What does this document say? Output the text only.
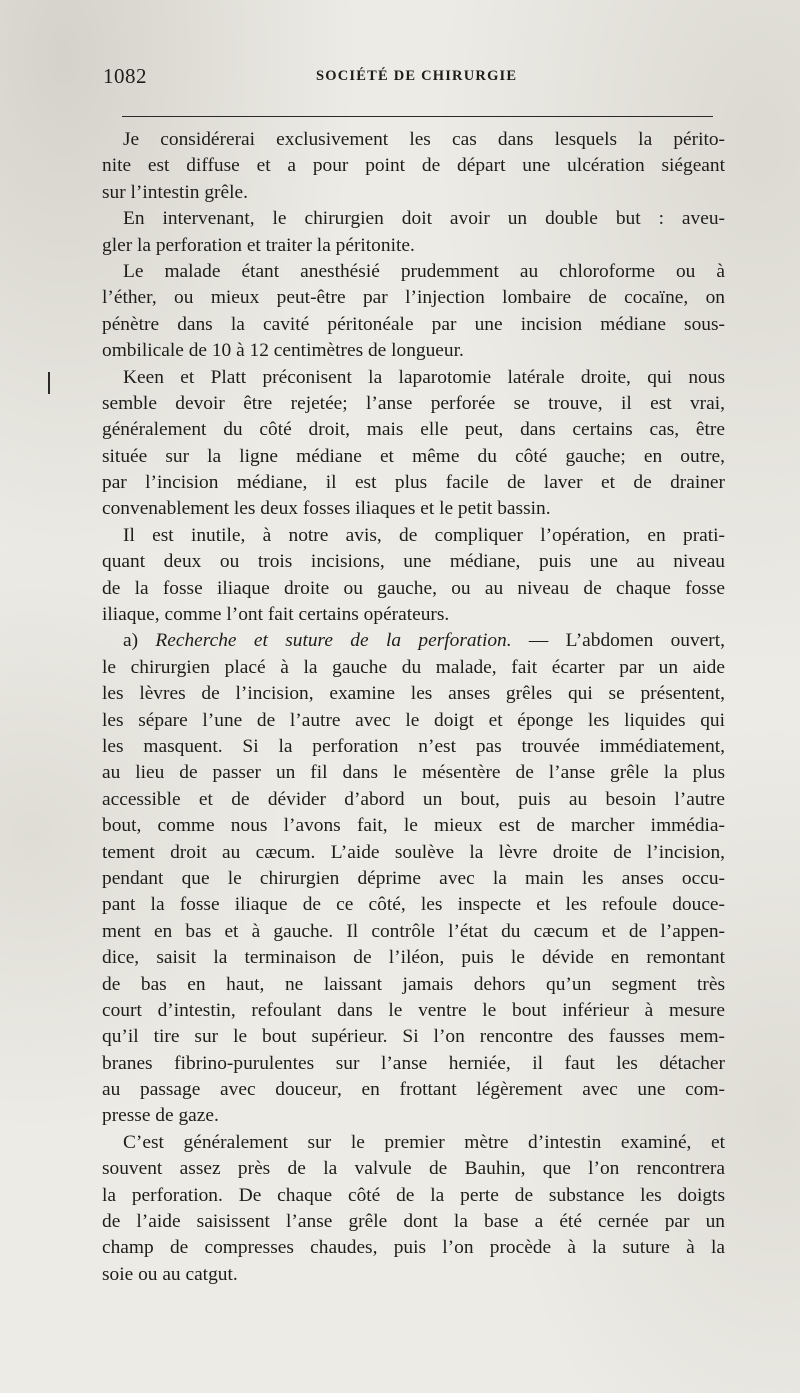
1082	SOCIÉTÉ DE CHIRURGIE
Je considérerai exclusivement les cas dans lesquels la périto-
nite est diffuse et a pour point de départ une ulcération siégeant
sur l’intestin grêle.
En intervenant, le chirurgien doit avoir un double but : aveu-
gler la perforation et traiter la péritonite.
Le malade étant anesthésié prudemment au chloroforme ou à
l’éther, ou mieux peut-être par l’injection lombaire de cocaïne, on
pénètre dans la cavité péritonéale par une incision médiane sous-
ombilicale de 10 à 12 centimètres de longueur.
Keen et Platt préconisent la laparotomie latérale droite, qui nous
semble devoir être rejetée; l’anse perforée se trouve, il est vrai,
généralement du côté droit, mais elle peut, dans certains cas, être
située sur la ligne médiane et même du côté gauche; en outre,
par l’incision médiane, il est plus facile de laver et de drainer
convenablement les deux fosses iliaques et le petit bassin.
Il est inutile, à notre avis, de compliquer l’opération, en prati-
quant deux ou trois incisions, une médiane, puis une au niveau
de la fosse iliaque droite ou gauche, ou au niveau de chaque fosse
iliaque, comme l’ont fait certains opérateurs.
a) Recherche et suture de la perforation. — L’abdomen ouvert,
le chirurgien placé à la gauche du malade, fait écarter par un aide
les lèvres de l’incision, examine les anses grêles qui se présentent,
les sépare l’une de l’autre avec le doigt et éponge les liquides qui
les masquent. Si la perforation n’est pas trouvée immédiatement,
au lieu de passer un fil dans le mésentère de l’anse grêle la plus
accessible et de dévider d’abord un bout, puis au besoin l’autre
bout, comme nous l’avons fait, le mieux est de marcher immédia-
tement droit au cæcum. L’aide soulève la lèvre droite de l’incision,
pendant que le chirurgien déprime avec la main les anses occu-
pant la fosse iliaque de ce côté, les inspecte et les refoule douce-
ment en bas et à gauche. Il contrôle l’état du cæcum et de l’appen-
dice, saisit la terminaison de l’iléon, puis le dévide en remontant
de bas en haut, ne laissant jamais dehors qu’un segment très
court d’intestin, refoulant dans le ventre le bout inférieur à mesure
qu’il tire sur le bout supérieur. Si l’on rencontre des fausses mem-
branes fibrino-purulentes sur l’anse herniée, il faut les détacher
au passage avec douceur, en frottant légèrement avec une com-
presse de gaze.
C’est généralement sur le premier mètre d’intestin examiné, et
souvent assez près de la valvule de Bauhin, que l’on rencontrera
la perforation. De chaque côté de la perte de substance les doigts
de l’aide saisissent l’anse grêle dont la base a été cernée par un
champ de compresses chaudes, puis l’on procède à la suture à la
soie ou au catgut.
